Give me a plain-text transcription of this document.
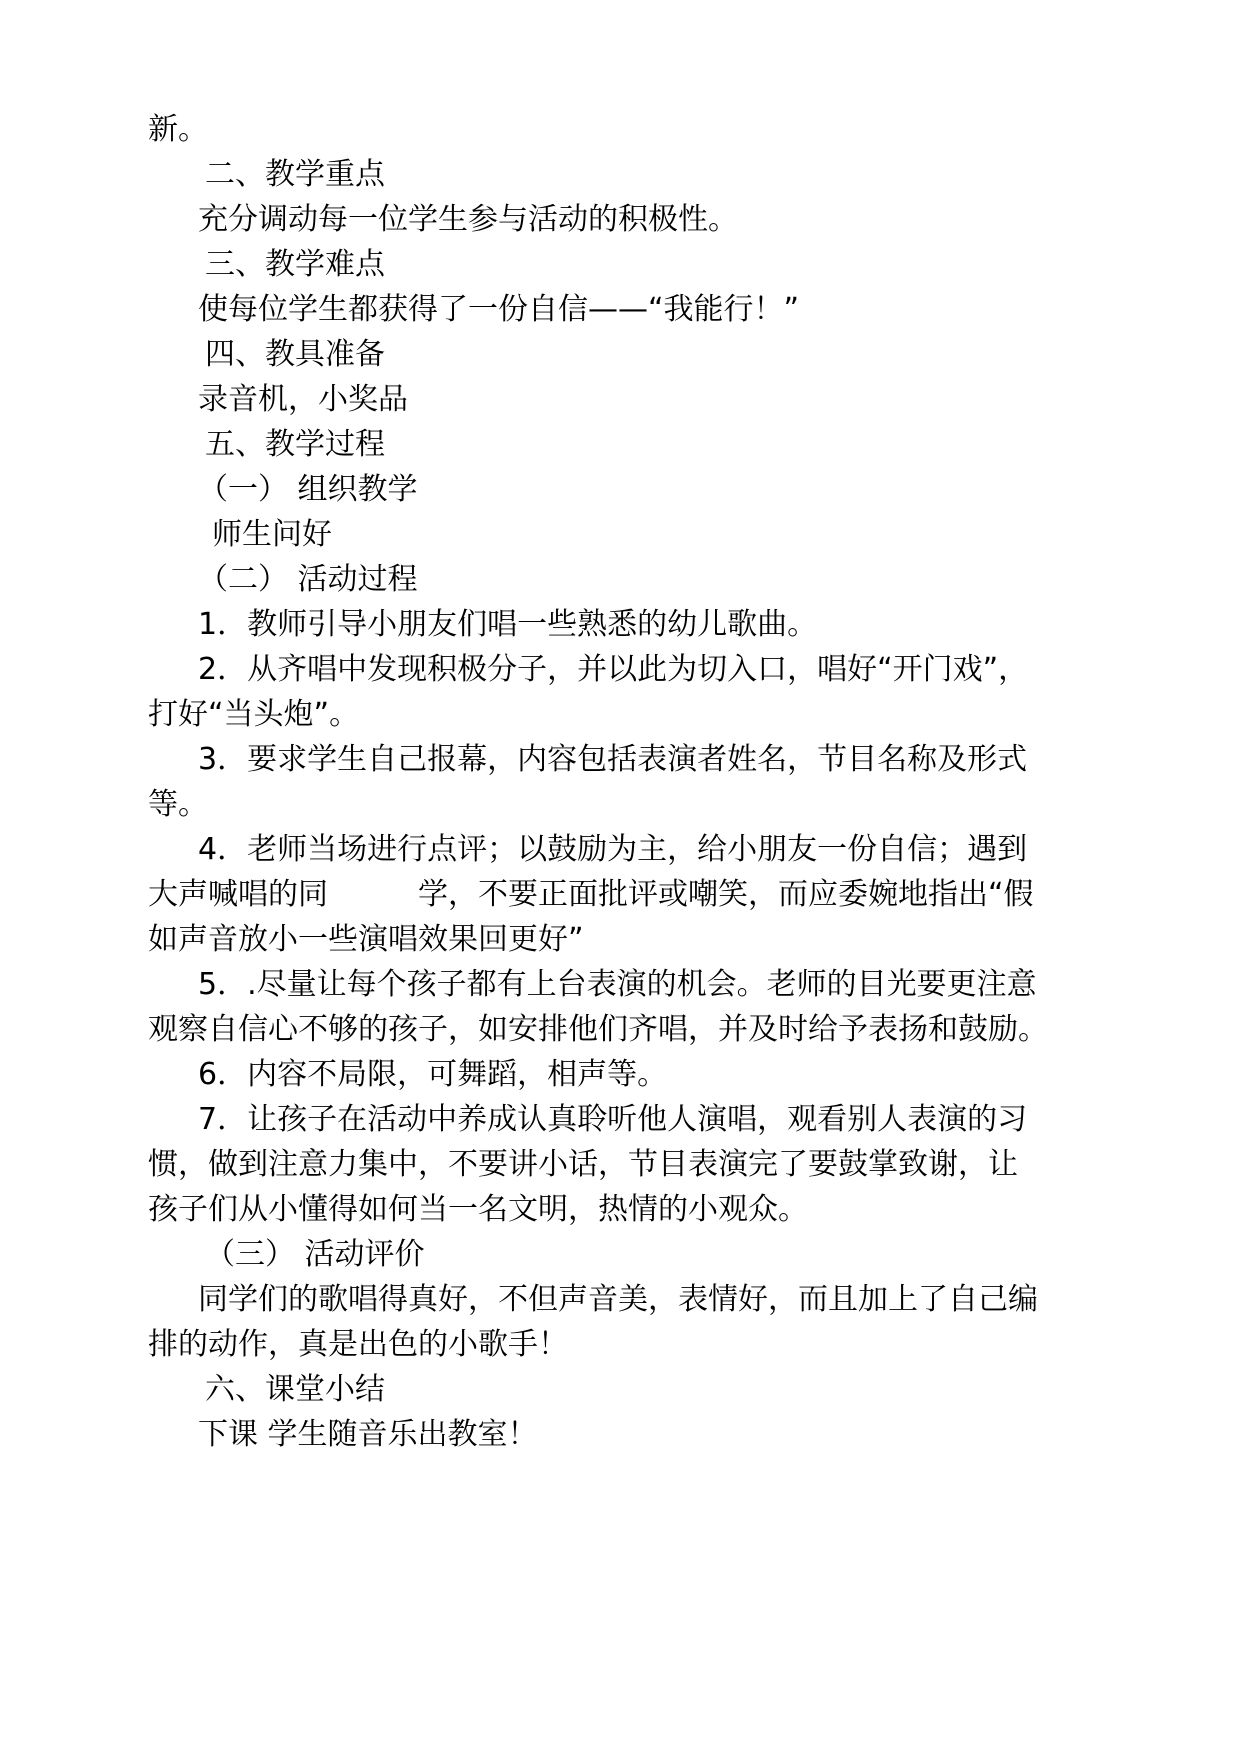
新。
二、教学重点
充分调动每一位学生参与活动的积极性。
三、教学难点
使每位学生都获得了一份自信——“我能行！”
四、教具准备
录音机，小奖品
五、教学过程
（一） 组织教学
师生问好
（二） 活动过程
1．教师引导小朋友们唱一些熟悉的幼儿歌曲。
2．从齐唱中发现积极分子，并以此为切入口，唱好“开门戏”，
打好“当头炮”。
3．要求学生自己报幕，内容包括表演者姓名，节目名称及形式
等。
4．老师当场进行点评；以鼓励为主，给小朋友一份自信；遇到
大声喊唱的同　　　学，不要正面批评或嘲笑，而应委婉地指出“假
如声音放小一些演唱效果回更好”
5．.尽量让每个孩子都有上台表演的机会。老师的目光要更注意
观察自信心不够的孩子，如安排他们齐唱，并及时给予表扬和鼓励。
6．内容不局限，可舞蹈，相声等。
7．让孩子在活动中养成认真聆听他人演唱，观看别人表演的习
惯，做到注意力集中，不要讲小话，节目表演完了要鼓掌致谢，让
孩子们从小懂得如何当一名文明，热情的小观众。
（三） 活动评价
同学们的歌唱得真好，不但声音美，表情好，而且加上了自己编
排的动作，真是出色的小歌手！
六、课堂小结
下课 学生随音乐出教室！
